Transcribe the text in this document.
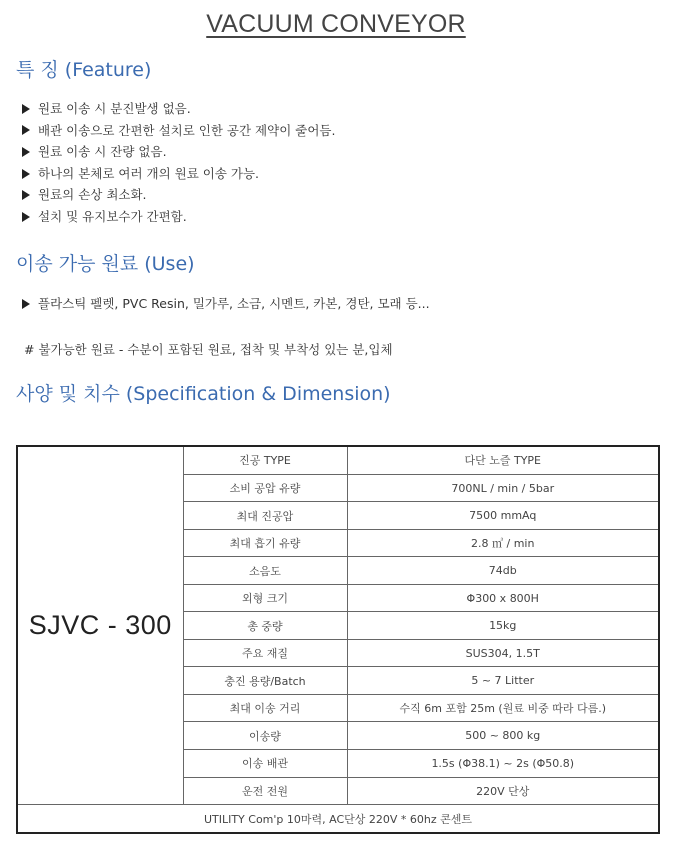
VACUUM CONVEYOR
특 징 (Feature)
원료 이송 시 분진발생 없음.
배관 이송으로 간편한 설치로 인한 공간 제약이 줄어듬.
원료 이송 시 잔량 없음.
하나의 본체로 여러 개의 원료 이송 가능.
원료의 손상 최소화.
설치 및 유지보수가 간편함.
이송 가능 원료 (Use)
플라스틱 펠렛, PVC Resin, 밀가루, 소금, 시멘트, 카본, 경탄, 모래 등...
# 불가능한 원료 - 수분이 포함된 원료, 접착 및 부착성 있는 분,입체
사양 및 치수 (Specification & Dimension)
SJVC - 300	진공 TYPE	다단 노즐 TYPE
	소비 공압 유량	700NL / min / 5bar
	최대 진공압	7500 mmAq
	최대 흡기 유량	2.8 ㎥ / min
	소음도	74db
	외형 크기	Φ300 x 800H
	총 중량	15kg
	주요 재질	SUS304, 1.5T
	충진 용량/Batch	5 ~ 7 Litter
	최대 이송 거리	수직 6m 포함 25m (원료 비중 따라 다름.)
	이송량	500 ~ 800 kg
	이송 배관	1.5s (Φ38.1) ~ 2s (Φ50.8)
	운전 전원	220V 단상
UTILITY Com'p 10마력, AC단상 220V * 60hz 콘센트		
